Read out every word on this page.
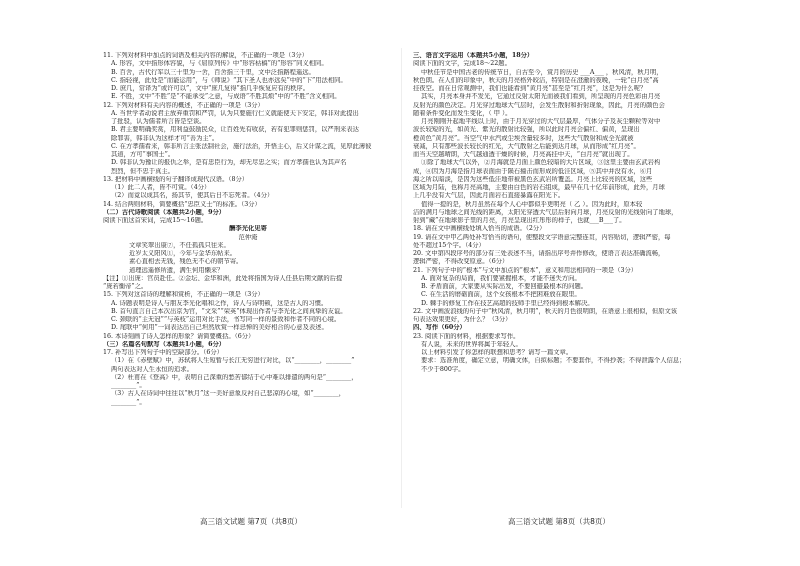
11. 下列对材料中加点的词语及相关内容的解说，不正确的一项是（3分）
A. 形容，文中指形体容貌，与《屈原列传》中“形容枯槁”的“形容”同义相同。
B. 百舍，古代行军以三十里为一舍，百舍指三千里，文中泛指路程遥远。
C. 指轻视，此处是“而能运用”，与《师说》“其下圣人也亦远矣”中的“下”用法相同。
D. 庶几，常译为“或许可以”，文中“庶几复得”指几乎恢复应有的秩序。
E. 不胜，文中“不胜”是“不能承受”之意，与成语“不胜其烦”中的“不胜”含义相同。
12. 下列对材料有关内容的概述，不正确的一项是（3分）
A. 当世学者动说君主放弃重罚和严罚，认为只要施行仁义就能使天下安定，韩非对此提出
了批驳，认为儒者所言皆是空谈。
B. 君主要明确奖赏，用利益鼓励民众，让百姓先有收获，若有犯罪则惩罚，以严刑来表达
除罪害，韩非认为这样才可“善为主”。
C. 在方孝孺看来，韩非所言主张法制社会，施行法治，开悟主心，后又计谋之流，见厚此薄彼
其道，方可“事国士”。
D. 韩非认为豫让的报仇之举，是有忠臣行为，却无尽忠之实；而方孝孺也认为其声名
烈烈，但不忠于真主。
13. 把材料中画横线的句子翻译成现代汉语。（8分）
（1）此二人者，皆不可赏。（4分）
（2）而竟以成其名，扬其节，使其后日不忘死者。（4分）
14. 结合两则材料，简要概括“忠臣义士”的标准。（3分）
（二）古代诗歌阅读（本题共2小题，9分）
阅读下面这首宋词，完成15～16题。
酬李光化见寄
范仲淹
文章笑翠出康⑦，不任孤孤只往来。
近岁太义阳风①，今年与金华东帖来。
素心直相去无钱，残色无不心的朝节寄。
道理远遥修所遗，满生何用懒来？
【注】①出庞：官员赴任。②金坛、金华和洲，此处将指国为诗人任县后期文献的后提
“庞若衡帝”之。
15. 下列对这首诗的理解和赏析，不正确的一项是（3分）
A. 诗题表明是诗人与朋友李光化唱和之作，诗人与诗明顿，这是古人的习惯。
B. 首句直言自己本次出京为官，“文采”“荣英”体现出作者与李光化之间真挚的友谊。
C. 颈联的“主无冠”“与英枝”运用对比手法，书写同一样的景致和作者不同的心境。
D. 尾联中“何用”一词表达出自己坦然欣赏一样忌惮的美好相合的心意及表述。
16. 本诗刻画了诗人怎样的形象？请简要概括。（6分）
（三）名篇名句默写（本题共1小题，6分）
17. 补写出下列句子中的空缺部分。（6分）
（1）在《赤壁赋》中，苏轼将人生短暂与长江无穷进行对比，以“________，________”
两句表达对人生永恒的追求。
（2）杜甫在《登高》中，表明自己深重的愁苦郁结于心中难以排遣的两句是“________，
________”。
（3）古人在诗词中往往以“秋月”这一美好意象反衬自己悲凉的心境，如“________，
________”。
三、语言文字运用（本题共5小题，18分）
阅读下面的文字，完成18～22题。
中秋佳节是中国古老的传统节日，自古至今，赏月的历史 ___A___ ，秋风清，秋月明，
秋色朗。在人们的印象中，秋天的月亮格外皎洁，特别是在澄澈的夜晚，一轮“白月亮”高
挂夜空。而在日常观测中，我们也能看到“黄月亮”甚至是“红月亮”，这是为什么呢？
其实，月亮本身并不发光，它通过反射太阳光而被我们看到，所呈现的月亮色彩由月亮
反射光的颜色决定。月光穿过地球大气层时，会发生散射和折射现象，因此，月亮的颜色会
随着条件变化而发生变化，（ 甲 ）。
月亮刚刚升起地平线以上时，由于月光穿过的大气层最厚，气体分子及灰尘颗粒等对中
波长较短的光，如黄光、紫光的散射比较强，所以此时月亮会偏红、偏黄，呈现出
橙黄色“黄月亮”。当空气中水汽或尘埃含量较多时，这些大气散射和成全光就被
衰减，只有那些波长较长的红光，大气散射之后能到达月球，从而形成“红月亮”。
而当天空越晴朗，大气越通透干燥的时候，月亮高挂中天，“白月亮”就出现了。
①除了地球大气以外，②月海就是月面上颜色较暗的大片区域，③这里主要由玄武岩构
成，④因为月海是指月球表面由于陨石撞击而形成的低洼区域，⑤其中并没有水，⑥月
海之所以暗淡，是因为这些低洼地带被黑色玄武岩所覆盖。月亮上比较亮的区域，这些
区域为月陆，也称月亮高地，主要由白色的岩石组成，最早在几十亿年前形成，此外，月球
上几乎没有大气层，因此月面岩石直接暴露在阳光下。
值得一提的是，秋月虽然在每个人心中都似乎更明亮（ 乙 ）。因为此时，原本较
洁的满月与地球之间光线的距离，太阳光穿透大气层后射向月球，月亮反射的光线射向了地球，
射到“藏”在地球影子里的月亮，月亮呈现出红彤彤的样子，也就___B___了。
18. 请在文中画横线处填入恰当的成语。（2分）
19. 请在文中甲乙两处补写恰当的语句，使整段文字语意完整连贯，内容贴切，逻辑严密，每
处不超过15个字。（4分）
20. 文中第四段序号的部分有三处表述不当，请指出序号并作修改，使语言表达准确流畅，
逻辑严密，不得改变原意。（6分）
21. 下列句子中的“根本”与文中加点的“根本”，意义和用法相同的一项是（3分）
A. 面对复杂的局面，我们要紧握根本，才能不迷失方向。
B. 矛盾面前，大家要从实际出发，不要回避最根本的问题。
C. 在生活的磨砺面前，这个女孩根本不把困难放在眼里。
D. 棘手的修复工作在技艺高超的技师手里已经得到根本解决。
22. 文中画波浪线的句子中“秋风清，秋月明”，秋天的月色很明朗，在语意上很相似，但原文该
句表达效果更好，为什么？（3分）
四、写作（60分）
23. 阅读下面的材料，根据要求写作。
有人说，未来的世界将属于年轻人。
以上材料引发了你怎样的联想和思考？请写一篇文章。
要求：选准角度，确定立意，明确文体，自拟标题；不要套作，不得抄袭；不得泄露个人信息；
不少于800字。
高三语文试题 第7页（共8页）	高三语文试题 第8页（共8页）
